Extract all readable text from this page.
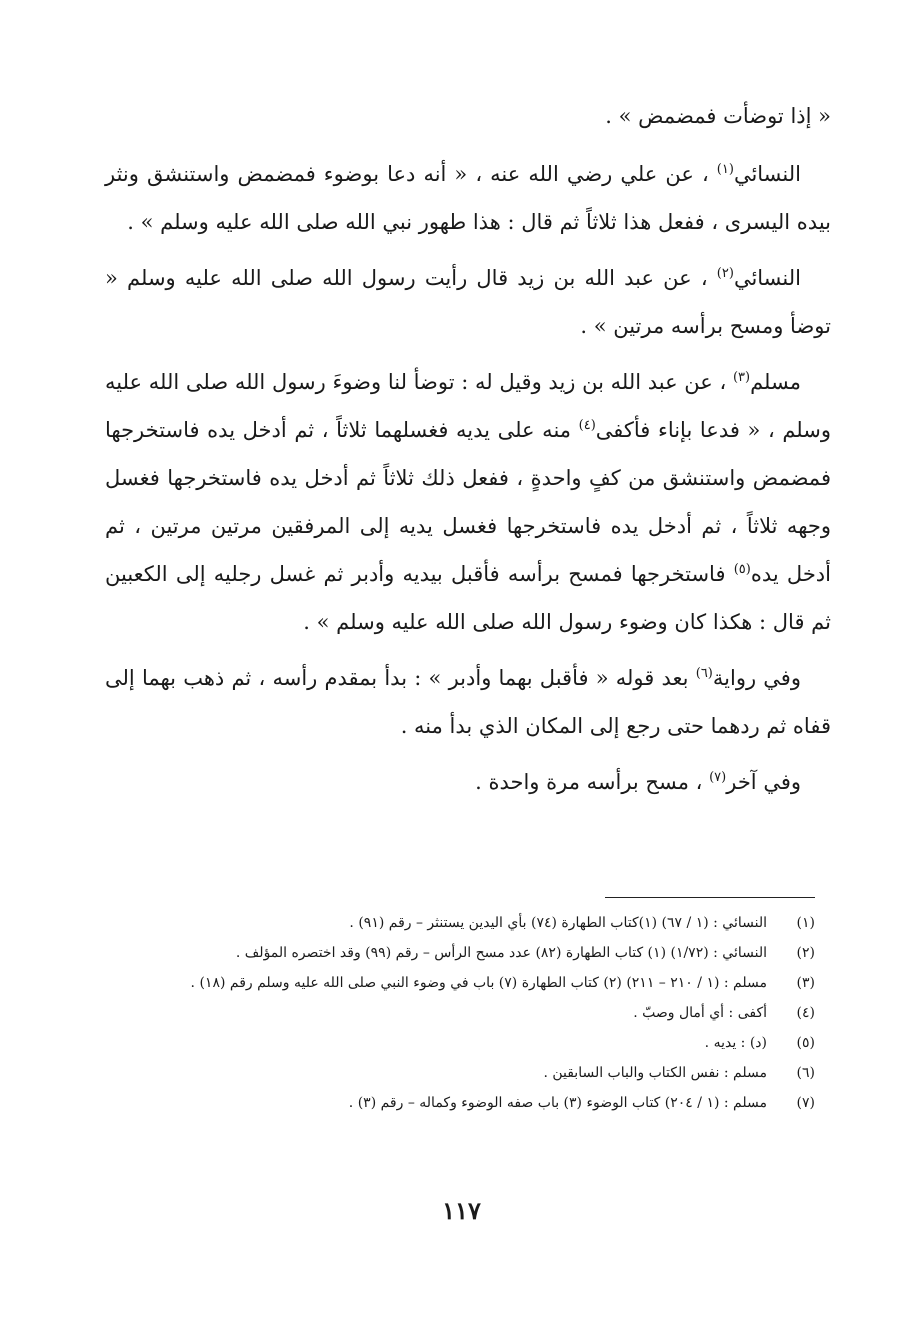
« إذا توضأت فمضمض » .

النسائي$^{(١)}$ ، عن علي رضي الله عنه ، « أنه دعا بوضوء فمضمض واستنشق ونثر بيده اليسرى ، ففعل هذا ثلاثاً ثم قال : هذا طهور نبي الله صلى الله عليه وسلم » .

النسائي$^{(٢)}$ ، عن عبد الله بن زيد قال رأيت رسول الله صلى الله عليه وسلم « توضأ ومسح برأسه مرتين » .

مسلم$^{(٣)}$ ، عن عبد الله بن زيد وقيل له : توضأ لنا وضوءَ رسول الله صلى الله عليه وسلم ، « فدعا بإناء فأكفى$^{(٤)}$ منه على يديه فغسلهما ثلاثاً ، ثم أدخل يده فاستخرجها فمضمض واستنشق من كفٍ واحدةٍ ، ففعل ذلك ثلاثاً ثم أدخل يده فاستخرجها فغسل وجهه ثلاثاً ، ثم أدخل يده فاستخرجها فغسل يديه إلى المرفقين مرتين مرتين ، ثم أدخل يده$^{(٥)}$ فاستخرجها فمسح برأسه فأقبل بيديه وأدبر ثم غسل رجليه إلى الكعبين ثم قال : هكذا كان وضوء رسول الله صلى الله عليه وسلم » .

وفي رواية$^{(٦)}$ بعد قوله « فأقبل بهما وأدبر » : بدأ بمقدم رأسه ، ثم ذهب بهما إلى قفاه ثم ردهما حتى رجع إلى المكان الذي بدأ منه .

وفي آخر$^{(٧)}$ ، مسح برأسه مرة واحدة .

(١)
النسائي : (١ / ٦٧) (١)كتاب الطهارة (٧٤) بأي اليدين يستنثر – رقم (٩١) .
(٢)
النسائي : (١/٧٢) (١) كتاب الطهارة (٨٢) عدد مسح الرأس – رقم (٩٩) وقد اختصره المؤلف .
(٣)
مسلم : (١ / ٢١٠ – ٢١١) (٢) كتاب الطهارة (٧) باب في وضوء النبي صلى الله عليه وسلم رقم (١٨) .
(٤)
أكفى : أي أمال وصبّ .
(٥)
(د) : يديه .
(٦)
مسلم : نفس الكتاب والباب السابقين .
(٧)
مسلم : (١ / ٢٠٤) كتاب الوضوء (٣) باب صفه الوضوء وكماله – رقم (٣) .
١١٧
